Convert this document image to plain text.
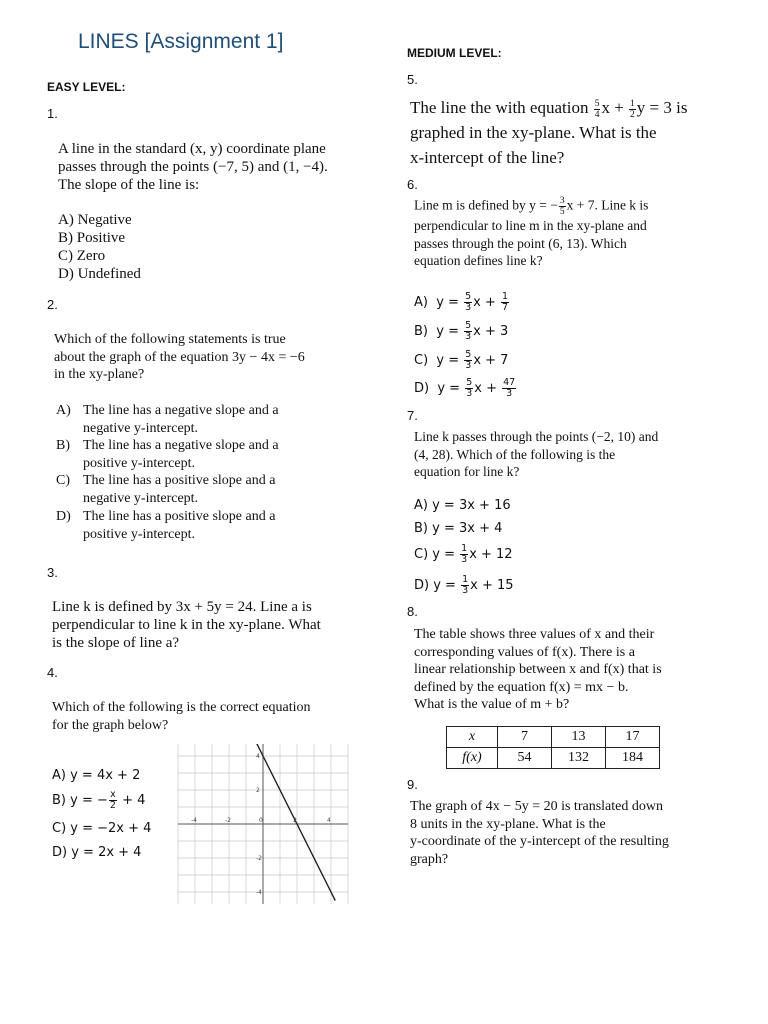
LINES [Assignment 1]
EASY LEVEL:
MEDIUM LEVEL:
1.
A line in the standard (x, y) coordinate plane
passes through the points (−7, 5) and (1, −4).
The slope of the line is:
A) Negative
B) Positive
C) Zero
D) Undefined
2.
Which of the following statements is true
about the graph of the equation 3y − 4x = −6
in the xy-plane?
A) The line has a negative slope and a negative y-intercept.
B) The line has a negative slope and a positive y-intercept.
C) The line has a positive slope and a negative y-intercept.
D) The line has a positive slope and a positive y-intercept.
3.
Line k is defined by 3x + 5y = 24. Line a is
perpendicular to line k in the xy-plane. What
is the slope of line a?
4.
Which of the following is the correct equation
for the graph below?
A) y = 4x + 2
B) y = − $\frac{x}{2} + 4$
C) y = −2x + 4
D) y = 2x + 4
-4	-2	0	2	4
4
2
-2
-4
5.
The line the with equation $\frac{5}{4}$ $x + \frac{1}{2}$ y = 3 is
graphed in the xy-plane. What is the
x-intercept of the line?
6.
Line m is defined by y = − $\frac{3}{5}$ x + 7. Line k is
perpendicular to line m in the xy-plane and
passes through the point (6, 13). Which
equation defines line k?
A) $y = \frac{5}{3}$ $x + \frac{1}{7}$
B) $y = \frac{5}{3}$ x + 3
C) $y = \frac{5}{3}$ x + 7
D) $y = \frac{5}{3}$ $x + \frac{47}{3}$
7.
Line k passes through the points (−2, 10) and
(4, 28). Which of the following is the
equation for line k?
A) y = 3x + 16
B) y = 3x + 4
C) $y = \frac{1}{3}$ x + 12
D) $y = \frac{1}{3}$ x + 15
8.
The table shows three values of x and their
corresponding values of f(x). There is a
linear relationship between x and f(x) that is
defined by the equation f(x) = mx − b.
What is the value of m + b?
x	7	13	17
f(x)	54	132	184
9.
The graph of 4x − 5y = 20 is translated down
8 units in the xy-plane. What is the
y-coordinate of the y-intercept of the resulting
graph?
